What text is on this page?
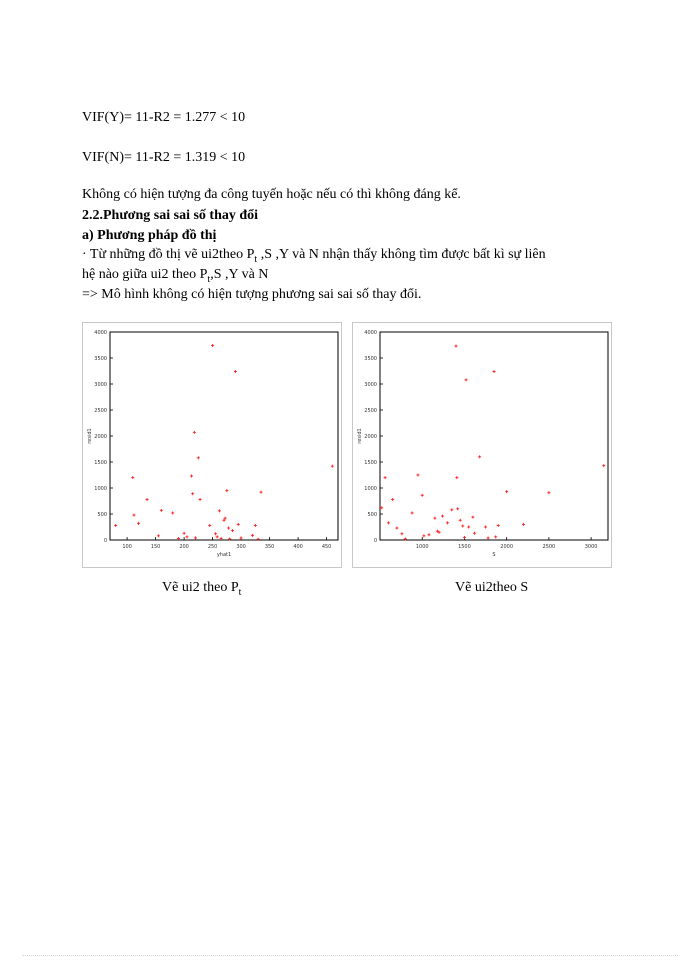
VIF(Y)= 11-R2 = 1.277 < 10
VIF(N)= 11-R2 = 1.319 < 10
Không có hiện tượng đa công tuyến hoặc nếu có thì không đáng kể.
2.2.Phương sai sai số thay đổi
a) Phương pháp đồ thị
· Từ những đồ thị vẽ ui2theo $P_t$ ,S ,Y và N nhận thấy không tìm được bất kì sự liên
hệ nào giữa ui2 theo $P_t,S$ ,Y và N
=> Mô hình không có hiện tượng phương sai sai số thay đổi.
0
500
1000
1500
2000
2500
3000
3500
4000
100	150	200	250	300	350	400	450
yhat1
resid1
0
500
1000
1500
2000
2500
3000
3500
4000
1000	1500	2000	2500	3000
S
resid1
Vẽ ui2 theo $P_t$	Vẽ ui2theo S
